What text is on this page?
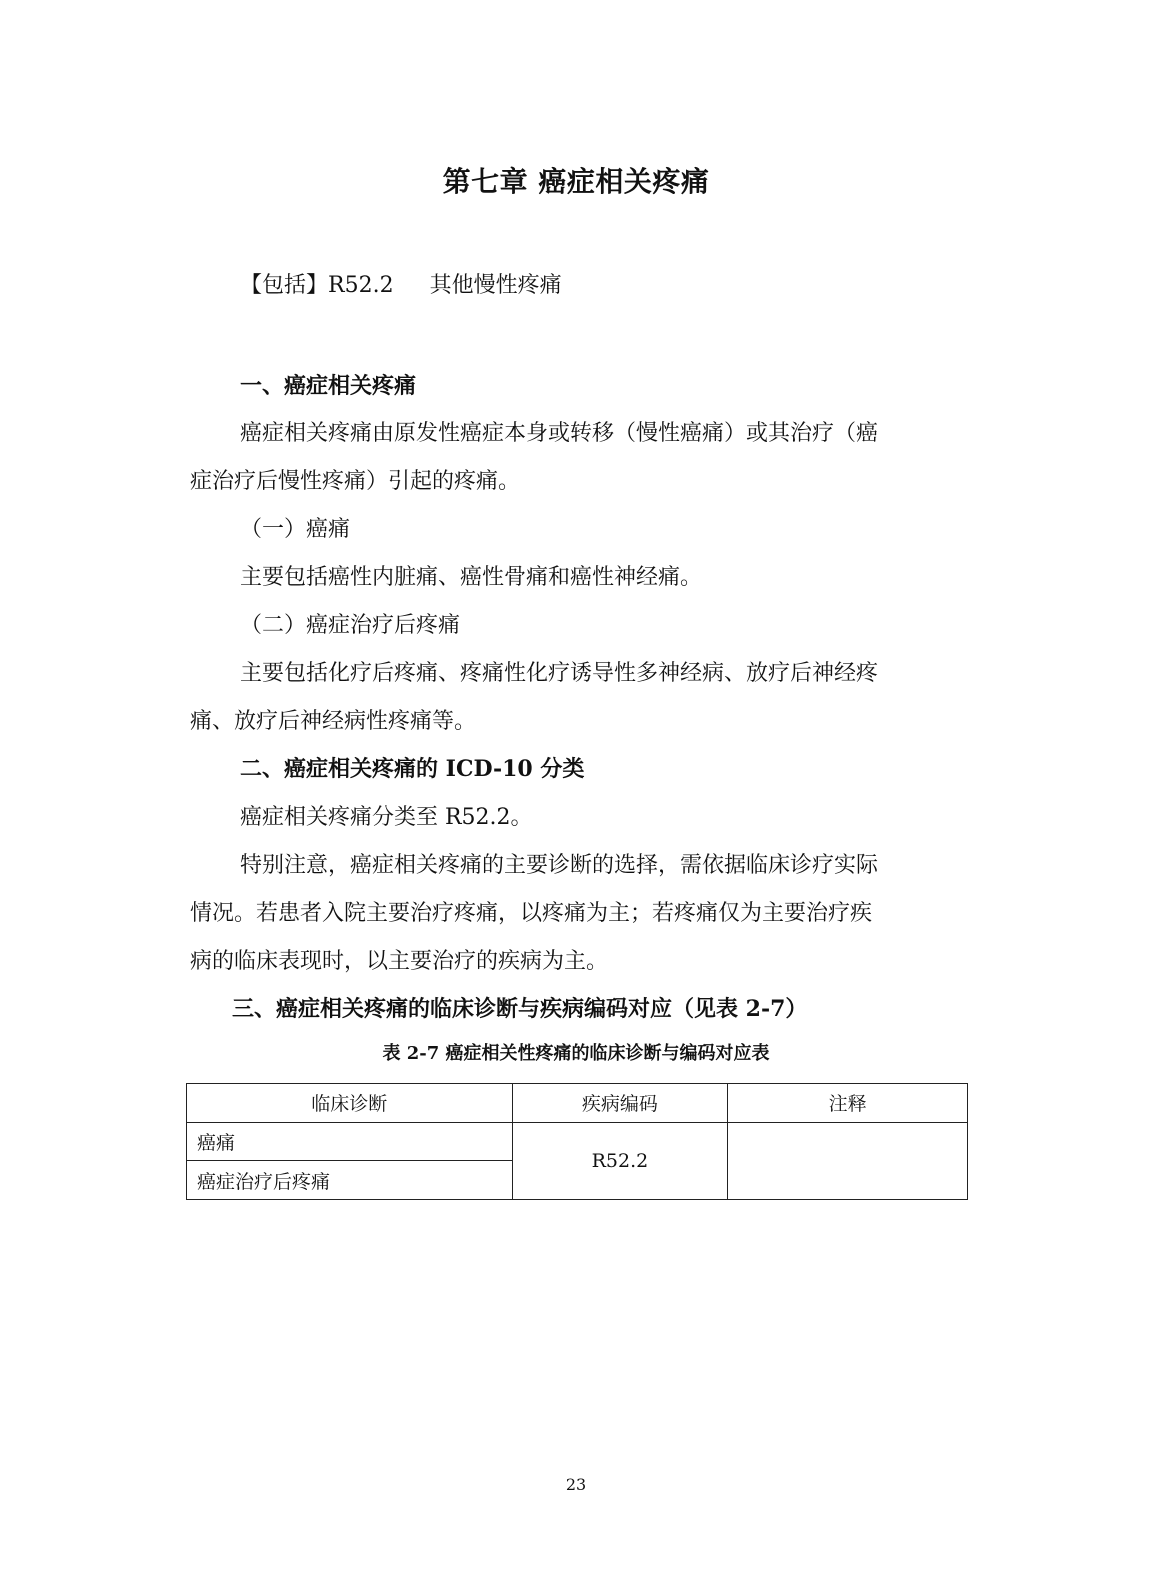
第七章 癌症相关疼痛
【包括】R52.2 其他慢性疼痛
一、癌症相关疼痛
癌症相关疼痛由原发性癌症本身或转移（慢性癌痛）或其治疗（癌
症治疗后慢性疼痛）引起的疼痛。
（一）癌痛
主要包括癌性内脏痛、癌性骨痛和癌性神经痛。
（二）癌症治疗后疼痛
主要包括化疗后疼痛、疼痛性化疗诱导性多神经病、放疗后神经疼
痛、放疗后神经病性疼痛等。
二、癌症相关疼痛的 ICD-10 分类
癌症相关疼痛分类至 R52.2。
特别注意，癌症相关疼痛的主要诊断的选择，需依据临床诊疗实际
情况。若患者入院主要治疗疼痛，以疼痛为主；若疼痛仅为主要治疗疾
病的临床表现时，以主要治疗的疾病为主。
三、癌症相关疼痛的临床诊断与疾病编码对应（见表 2-7）
表 2-7 癌症相关性疼痛的临床诊断与编码对应表
临床诊断	疾病编码	注释
癌痛	R52.2	
癌症治疗后疼痛		
23
